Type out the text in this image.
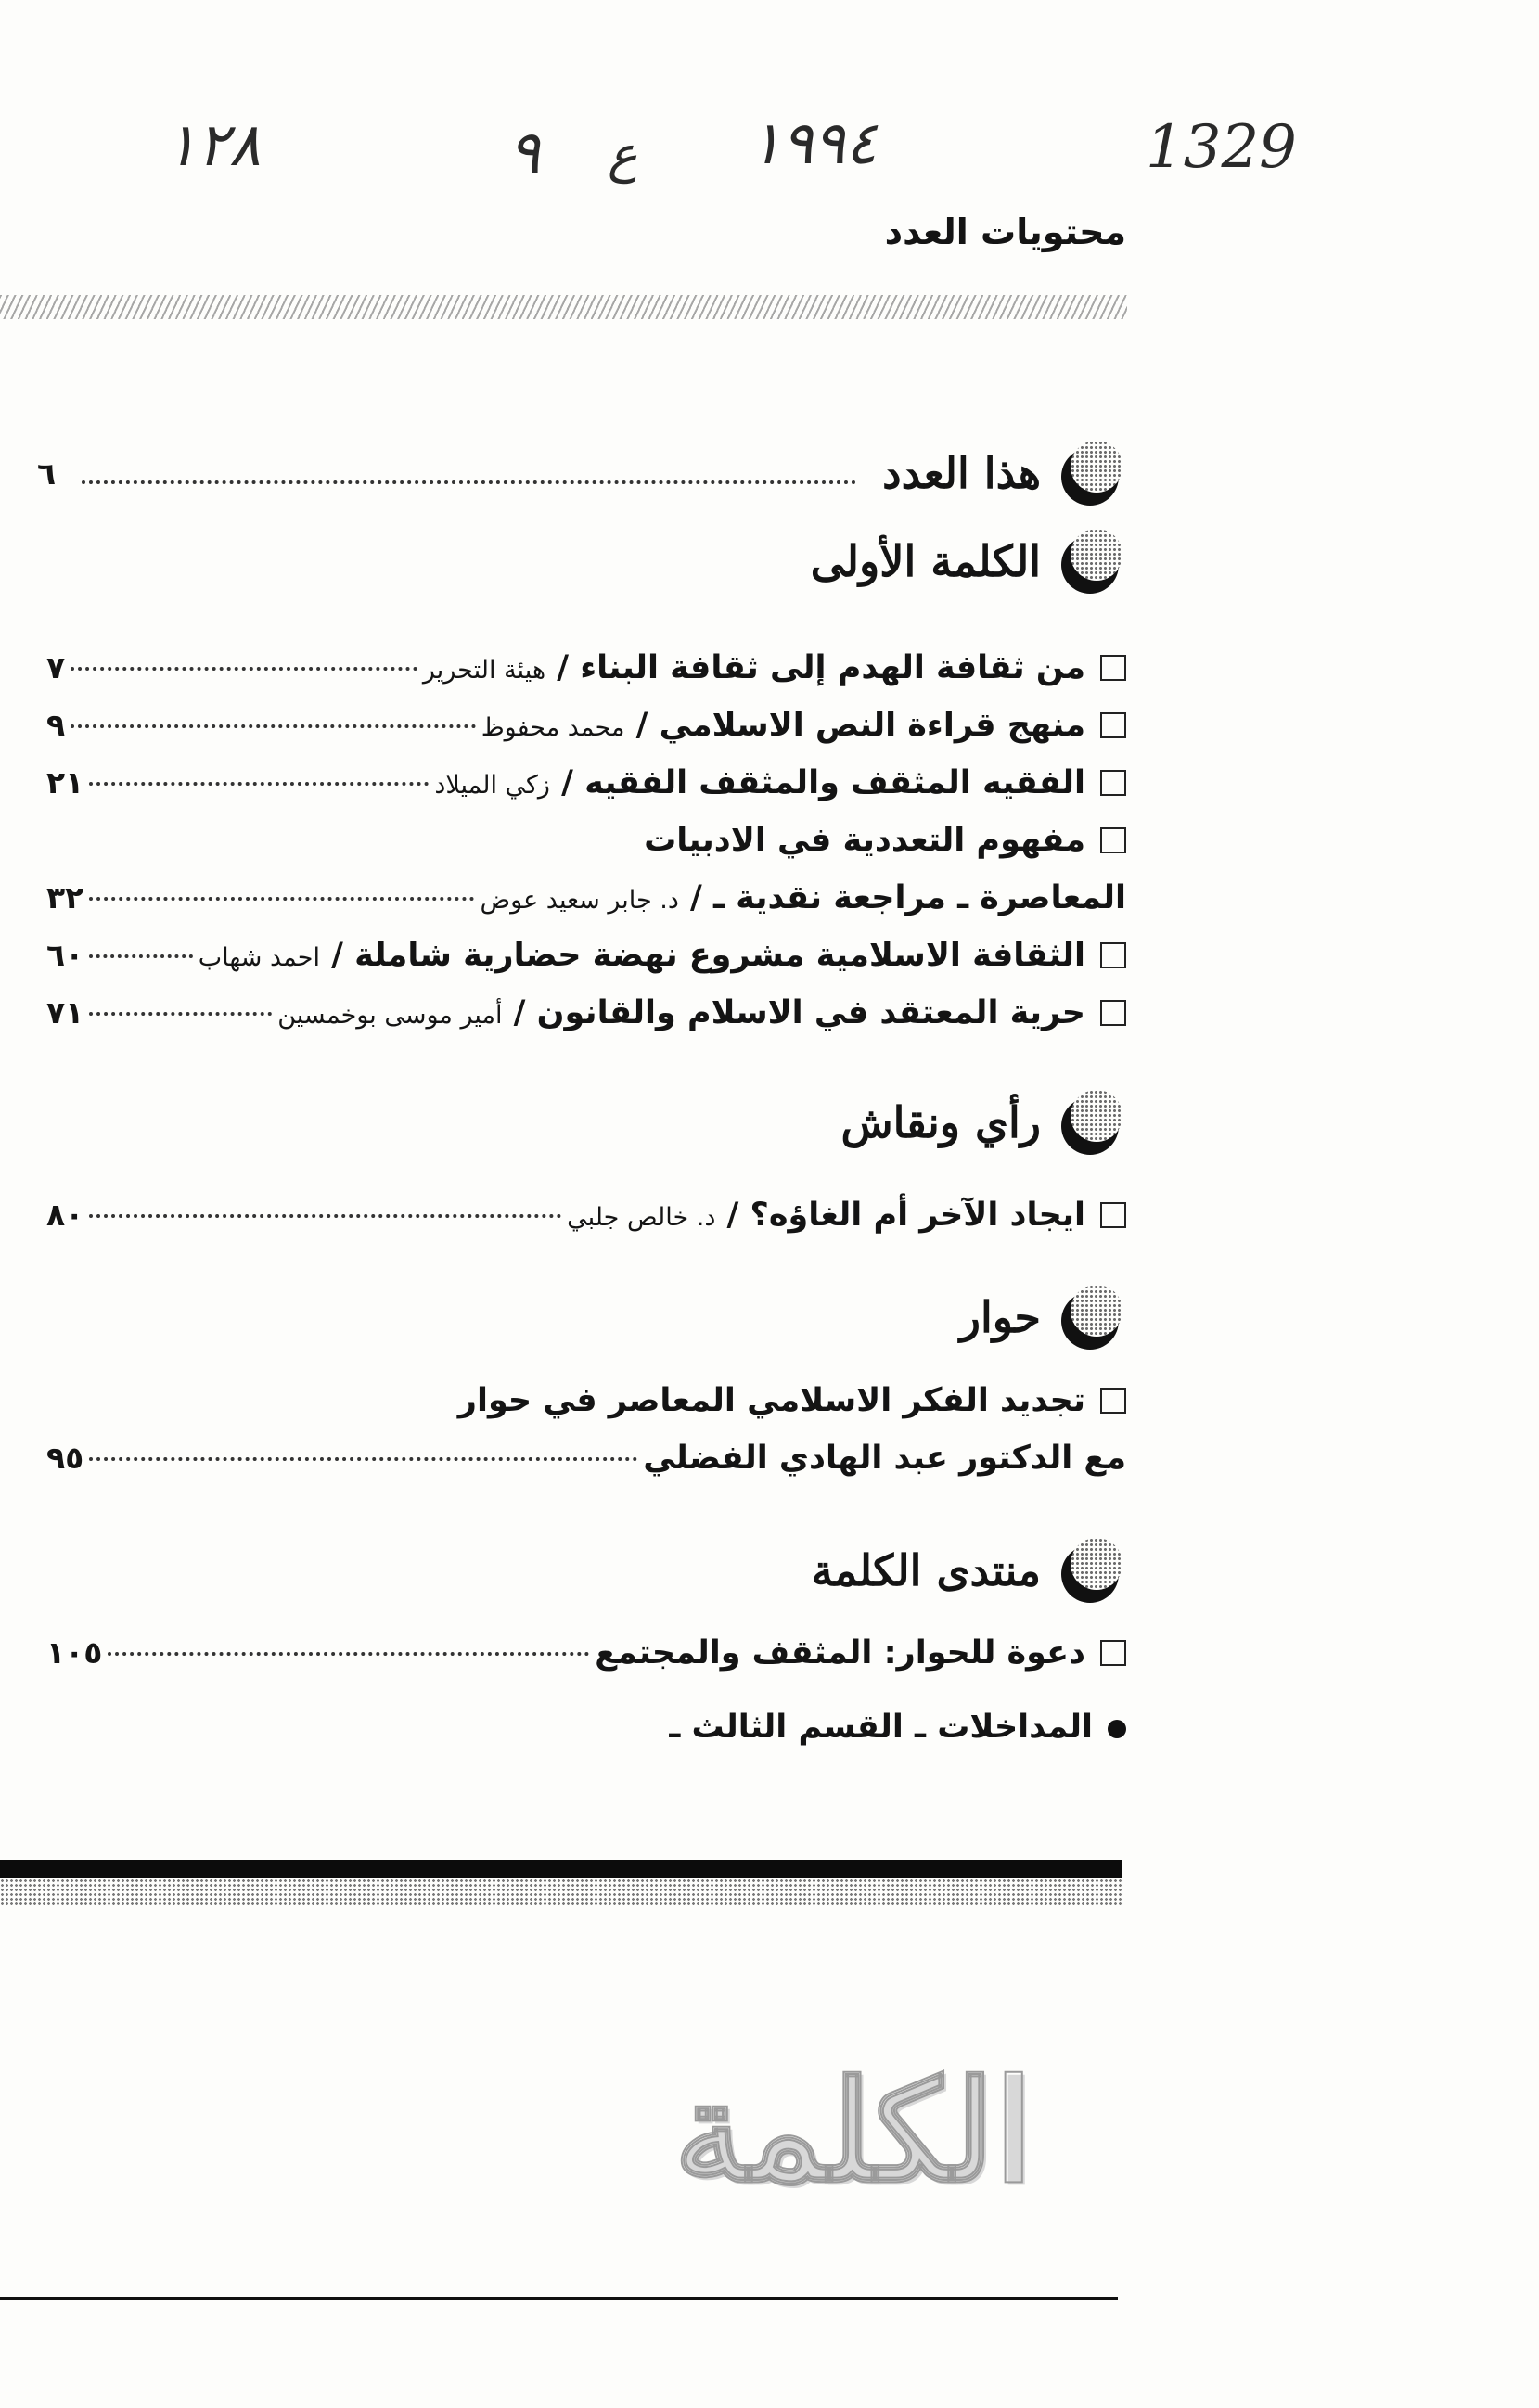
١٢٨	٩ ع ١٩٩٤	1329
محتويات العدد
هذا العدد
٦
الكلمة الأولى
من ثقافة الهدم إلى ثقافة البناء /

هيئة التحرير
٧
منهج قراءة النص الاسلامي /

محمد محفوظ
٩
الفقيه المثقف والمثقف الفقيه /

زكي الميلاد
٢١
مفهوم التعددية في الادبيات
المعاصرة ـ مراجعة نقدية ـ /

د. جابر سعيد عوض
٣٢
الثقافة الاسلامية مشروع نهضة حضارية شاملة /

احمد شهاب
٦٠
حرية المعتقد في الاسلام والقانون /

أمير موسى بوخمسين
٧١
رأي ونقاش
ايجاد الآخر أم الغاؤه؟ /

د. خالص جلبي
٨٠
حوار
تجديد الفكر الاسلامي المعاصر في حوار
مع الدكتور عبد الهادي الفضلي
٩٥
منتدى الكلمة
دعوة للحوار: المثقف والمجتمع
١٠٥
المداخلات ـ القسم الثالث ـ
الكلمة
